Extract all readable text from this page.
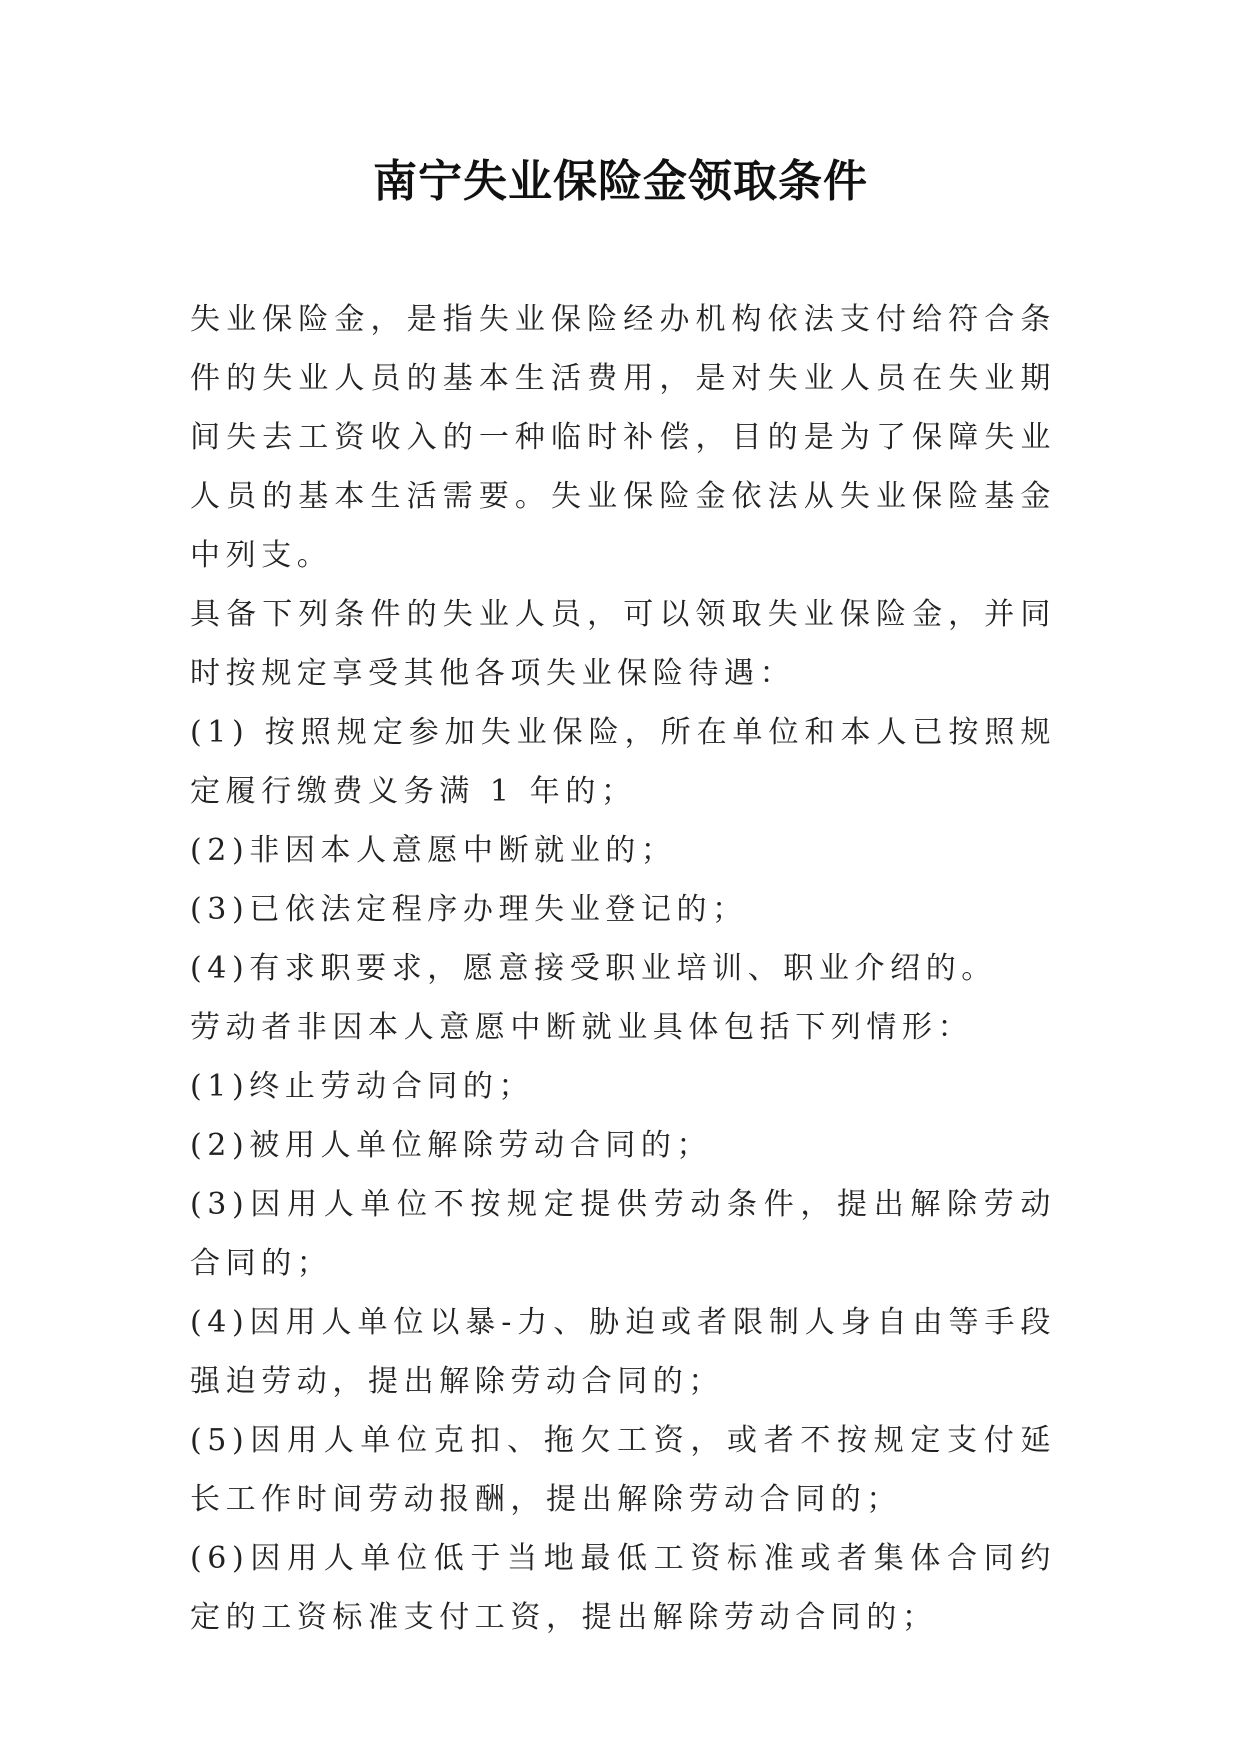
南宁失业保险金领取条件

失业保险金，是指失业保险经办机构依法支付给符合条件的失业人员的基本生活费用，是对失业人员在失业期间失去工资收入的一种临时补偿，目的是为了保障失业人员的基本生活需要。失业保险金依法从失业保险基金中列支。

具备下列条件的失业人员，可以领取失业保险金，并同时按规定享受其他各项失业保险待遇：

(1) 按照规定参加失业保险，所在单位和本人已按照规定履行缴费义务满 1 年的；

(2)非因本人意愿中断就业的；

(3)已依法定程序办理失业登记的；

(4)有求职要求，愿意接受职业培训、职业介绍的。

劳动者非因本人意愿中断就业具体包括下列情形：

(1)终止劳动合同的；

(2)被用人单位解除劳动合同的；

(3)因用人单位不按规定提供劳动条件，提出解除劳动合同的；

(4)因用人单位以暴-力、胁迫或者限制人身自由等手段强迫劳动，提出解除劳动合同的；

(5)因用人单位克扣、拖欠工资，或者不按规定支付延长工作时间劳动报酬，提出解除劳动合同的；

(6)因用人单位低于当地最低工资标准或者集体合同约定的工资标准支付工资，提出解除劳动合同的；
